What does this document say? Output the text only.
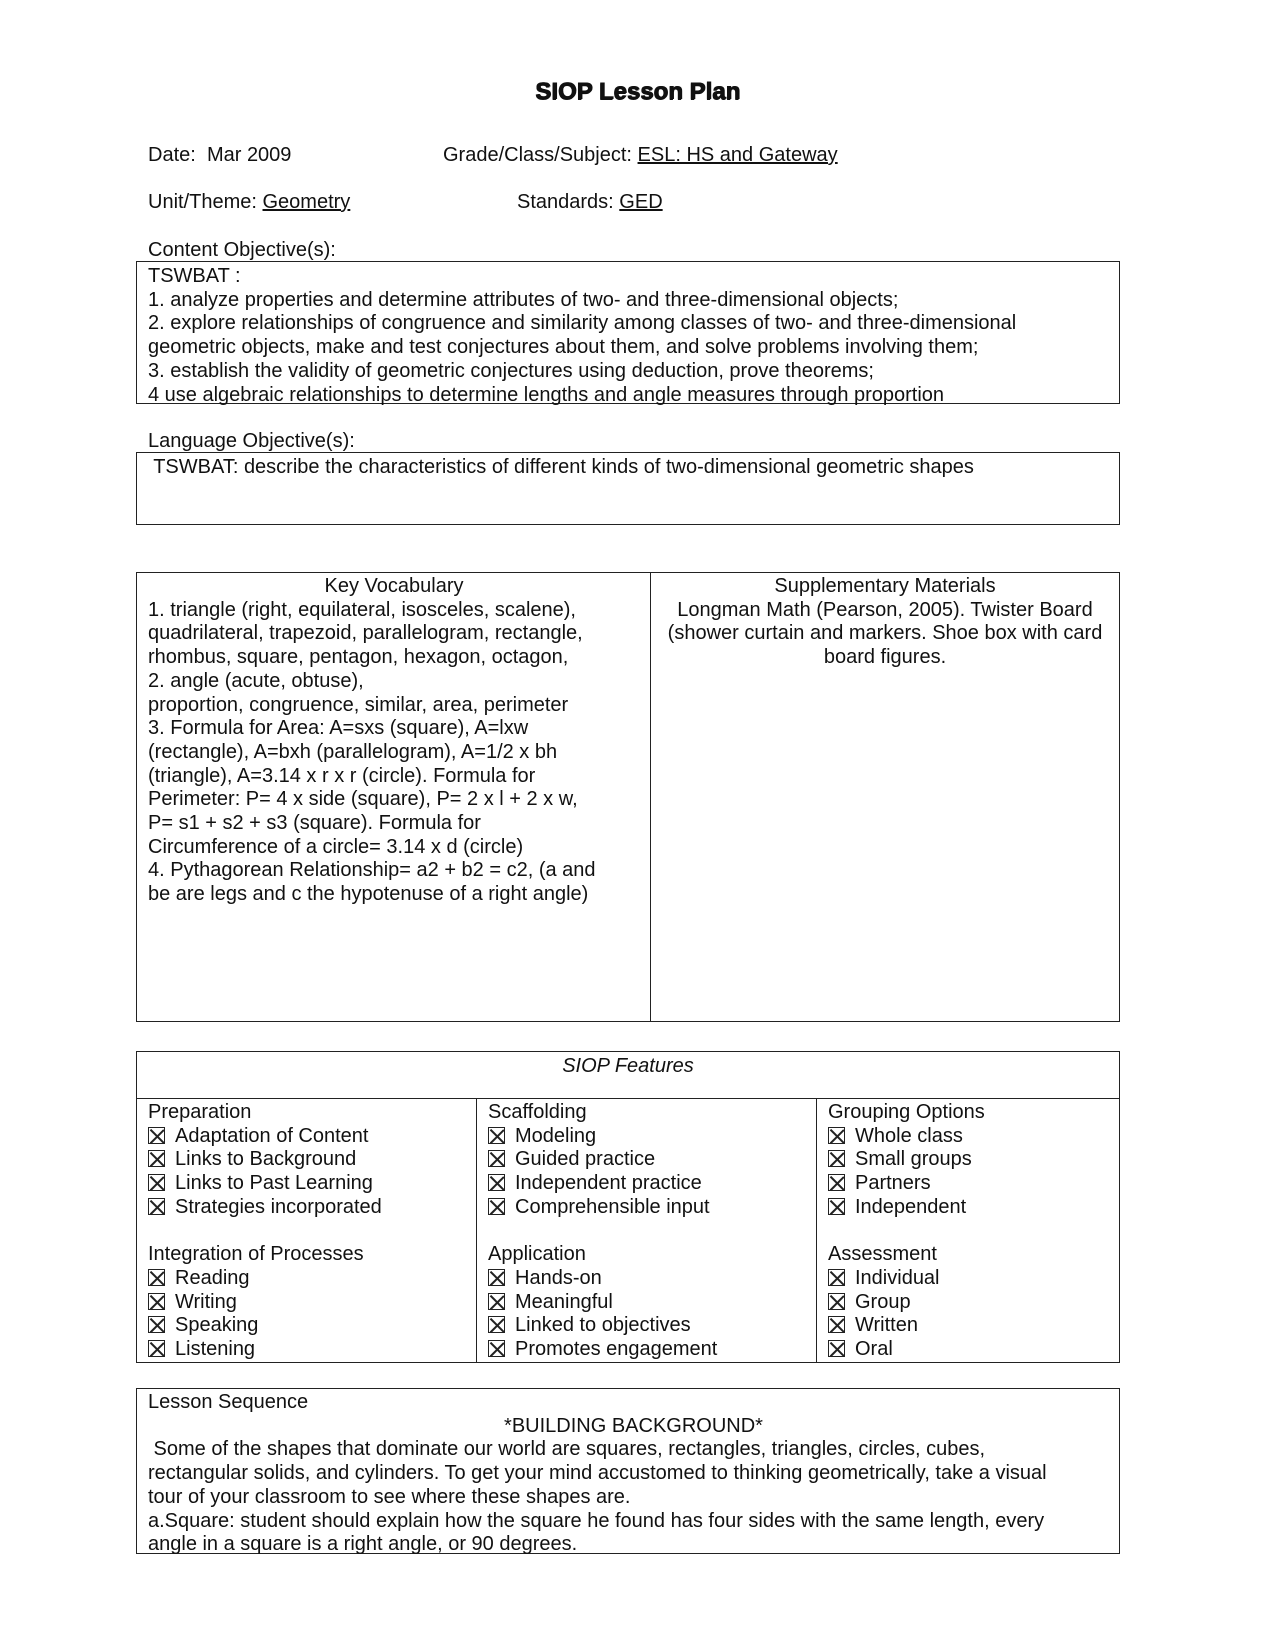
SIOP Lesson Plan
Date: Mar 2009	Grade/Class/Subject: ESL: HS and Gateway
Unit/Theme: Geometry	Standards: GED
Content Objective(s):
TSWBAT :
1. analyze properties and determine attributes of two- and three-dimensional objects;
2. explore relationships of congruence and similarity among classes of two- and three-dimensional
geometric objects, make and test conjectures about them, and solve problems involving them;
3. establish the validity of geometric conjectures using deduction, prove theorems;
4 use algebraic relationships to determine lengths and angle measures through proportion
Language Objective(s):
TSWBAT: describe the characteristics of different kinds of two-dimensional geometric shapes
Key Vocabulary
1. triangle (right, equilateral, isosceles, scalene),
quadrilateral, trapezoid, parallelogram, rectangle,
rhombus, square, pentagon, hexagon, octagon,
2. angle (acute, obtuse),
proportion, congruence, similar, area, perimeter
3. Formula for Area: A=sxs (square), A=lxw
(rectangle), A=bxh (parallelogram), A=1/2 x bh
(triangle), A=3.14 x r x r (circle). Formula for
Perimeter: P= 4 x side (square), P= 2 x l + 2 x w,
P= s1 + s2 + s3 (square). Formula for
Circumference of a circle= 3.14 x d (circle)
4. Pythagorean Relationship= a2 + b2 = c2, (a and
be are legs and c the hypotenuse of a right angle)

Supplementary Materials
Longman Math (Pearson, 2005). Twister Board
(shower curtain and markers. Shoe box with card
board figures.
SIOP Features

Preparation
Adaptation of Content
Links to Background
Links to Past Learning
Strategies incorporated
Integration of Processes
Reading
Writing
Speaking
Listening

Scaffolding
Modeling
Guided practice
Independent practice
Comprehensible input
Application
Hands-on
Meaningful
Linked to objectives
Promotes engagement

Grouping Options
Whole class
Small groups
Partners
Independent
Assessment
Individual
Group
Written
Oral
Lesson Sequence
*BUILDING BACKGROUND*
Some of the shapes that dominate our world are squares, rectangles, triangles, circles, cubes,
rectangular solids, and cylinders. To get your mind accustomed to thinking geometrically, take a visual
tour of your classroom to see where these shapes are.
a.Square: student should explain how the square he found has four sides with the same length, every
angle in a square is a right angle, or 90 degrees.
